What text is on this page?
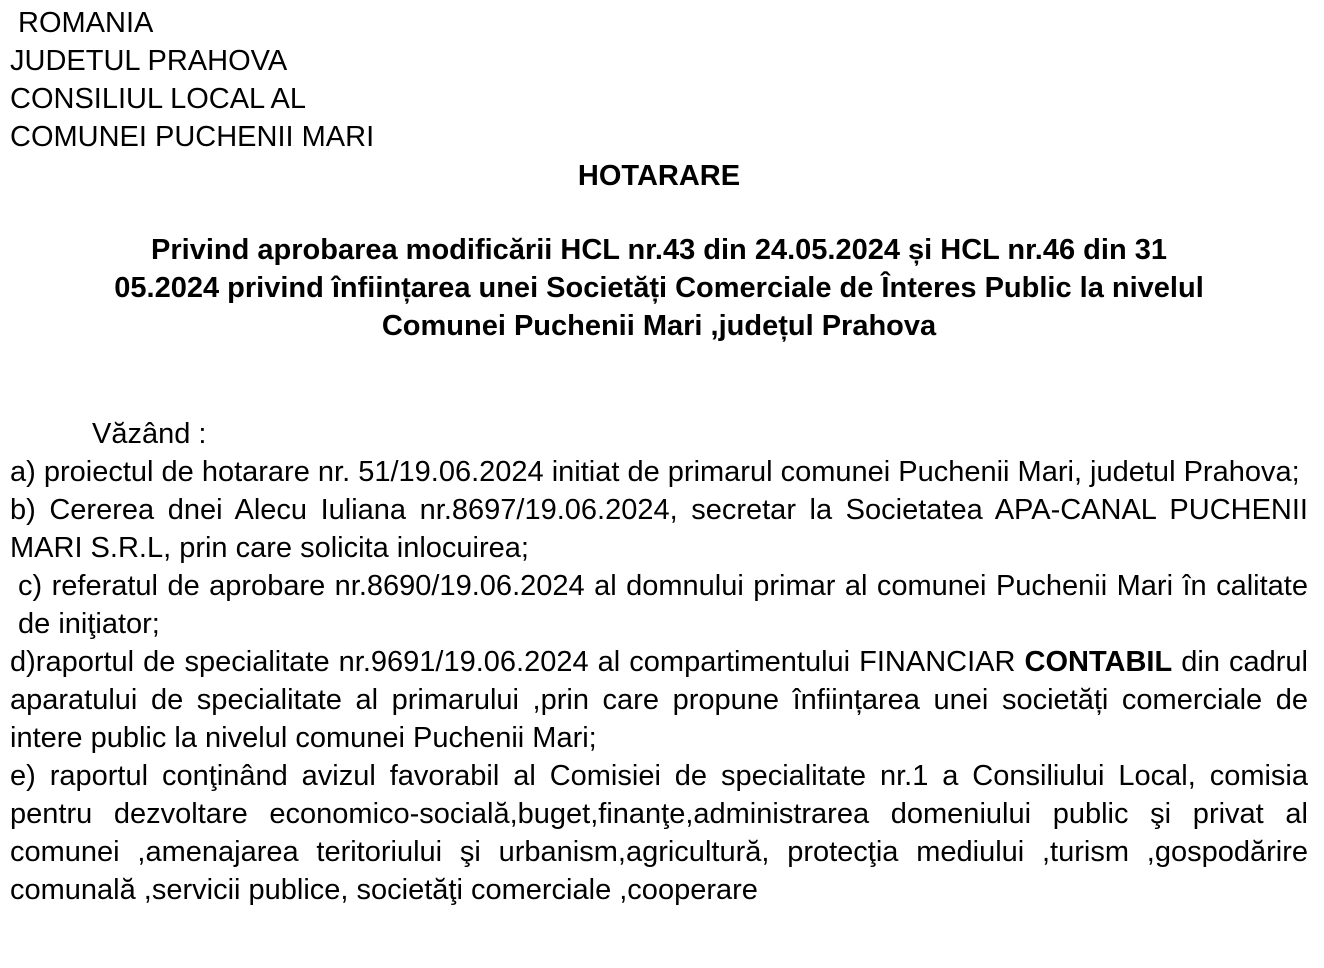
ROMANIA
JUDETUL PRAHOVA
CONSILIUL LOCAL AL
COMUNEI PUCHENII MARI
HOTARARE
Privind aprobarea modificării HCL nr.43 din 24.05.2024 și HCL nr.46 din 31
05.2024 privind înființarea unei Societăți Comerciale de Înteres Public la nivelul
Comunei Puchenii Mari ,județul Prahova
Văzând :
a) proiectul de hotarare nr. 51/19.06.2024 initiat de primarul comunei Puchenii Mari, judetul Prahova;
b) Cererea dnei Alecu Iuliana nr.8697/19.06.2024, secretar la Societatea APA-CANAL PUCHENII MARI S.R.L, prin care solicita inlocuirea;
c) referatul de aprobare nr.8690/19.06.2024 al domnului primar al comunei Puchenii Mari în calitate de iniţiator;
d)raportul de specialitate nr.9691/19.06.2024 al compartimentului FINANCIAR CONTABIL din cadrul aparatului de specialitate al primarului ,prin care propune înființarea unei societăți comerciale de intere public la nivelul comunei Puchenii Mari;
e) raportul conţinând avizul favorabil al Comisiei de specialitate nr.1 a Consiliului Local, comisia pentru dezvoltare economico-socială,buget,finanţe,administrarea domeniului public şi privat al comunei ,amenajarea teritoriului şi urbanism,agricultură, protecţia mediului ,turism ,gospodărire comunală ,servicii publice, societăţi comerciale ,cooperare
